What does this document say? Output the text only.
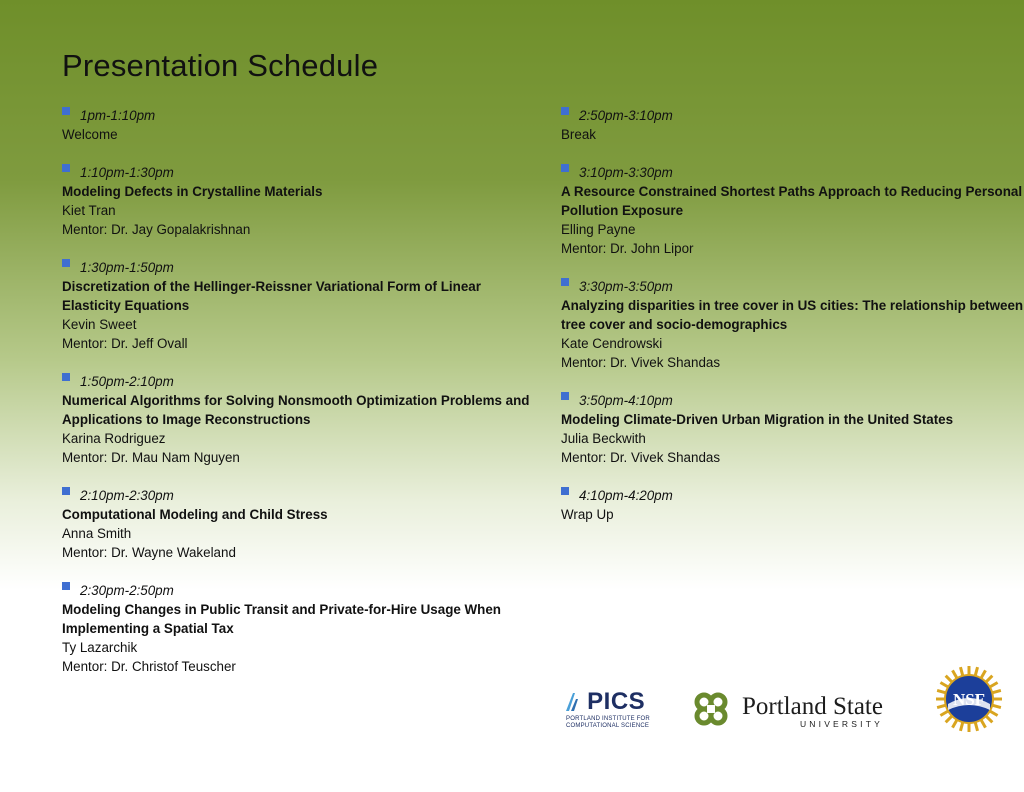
Presentation Schedule
1pm-1:10pm
Welcome
1:10pm-1:30pm
Modeling Defects in Crystalline Materials
Kiet Tran
Mentor: Dr. Jay Gopalakrishnan
1:30pm-1:50pm
Discretization of the Hellinger-Reissner Variational Form of Linear Elasticity Equations
Kevin Sweet
Mentor: Dr. Jeff Ovall
1:50pm-2:10pm
Numerical Algorithms for Solving Nonsmooth Optimization Problems and Applications to Image Reconstructions
Karina Rodriguez
Mentor: Dr. Mau Nam Nguyen
2:10pm-2:30pm
Computational Modeling and Child Stress
Anna Smith
Mentor: Dr. Wayne Wakeland
2:30pm-2:50pm
Modeling Changes in Public Transit and Private-for-Hire Usage When Implementing a Spatial Tax
Ty Lazarchik
Mentor: Dr. Christof Teuscher
2:50pm-3:10pm
Break
3:10pm-3:30pm
A Resource Constrained Shortest Paths Approach to Reducing Personal Pollution Exposure
Elling Payne
Mentor: Dr. John Lipor
3:30pm-3:50pm
Analyzing disparities in tree cover in US cities: The relationship between tree cover and socio-demographics
Kate Cendrowski
Mentor: Dr. Vivek Shandas
3:50pm-4:10pm
Modeling Climate-Driven Urban Migration in the United States
Julia Beckwith
Mentor: Dr. Vivek Shandas
4:10pm-4:20pm
Wrap Up
PICS
PORTLAND INSTITUTE FOR
COMPUTATIONAL SCIENCE
Portland State
UNIVERSITY
NSF
